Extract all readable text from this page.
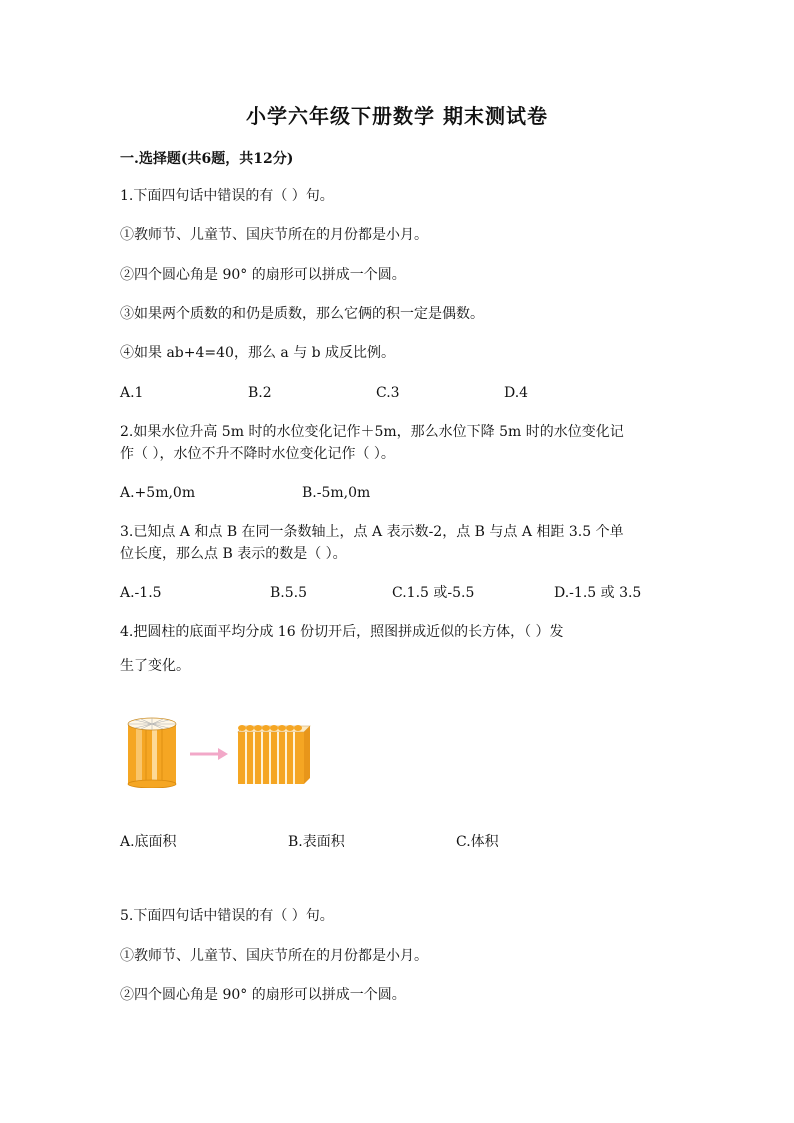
小学六年级下册数学 期末测试卷
一.选择题(共6题，共12分)
1.下面四句话中错误的有（ ）句。
①教师节、儿童节、国庆节所在的月份都是小月。
②四个圆心角是 90° 的扇形可以拼成一个圆。
③如果两个质数的和仍是质数，那么它俩的积一定是偶数。
④如果 ab+4=40，那么 a 与 b 成反比例。
A.1	B.2	C.3	D.4
2.如果水位升高 5m 时的水位变化记作＋5m，那么水位下降 5m 时的水位变化记
作（ ），水位不升不降时水位变化记作（ ）。
A.+5m,0m	B.-5m,0m
3.已知点 A 和点 B 在同一条数轴上，点 A 表示数-2，点 B 与点 A 相距 3.5 个单
位长度，那么点 B 表示的数是（ ）。
A.-1.5	B.5.5	C.1.5 或-5.5	D.-1.5 或 3.5
4.把圆柱的底面平均分成 16 份切开后，照图拼成近似的长方体，（ ）发
生了变化。
A.底面积	B.表面积	C.体积
5.下面四句话中错误的有（ ）句。
①教师节、儿童节、国庆节所在的月份都是小月。
②四个圆心角是 90° 的扇形可以拼成一个圆。
